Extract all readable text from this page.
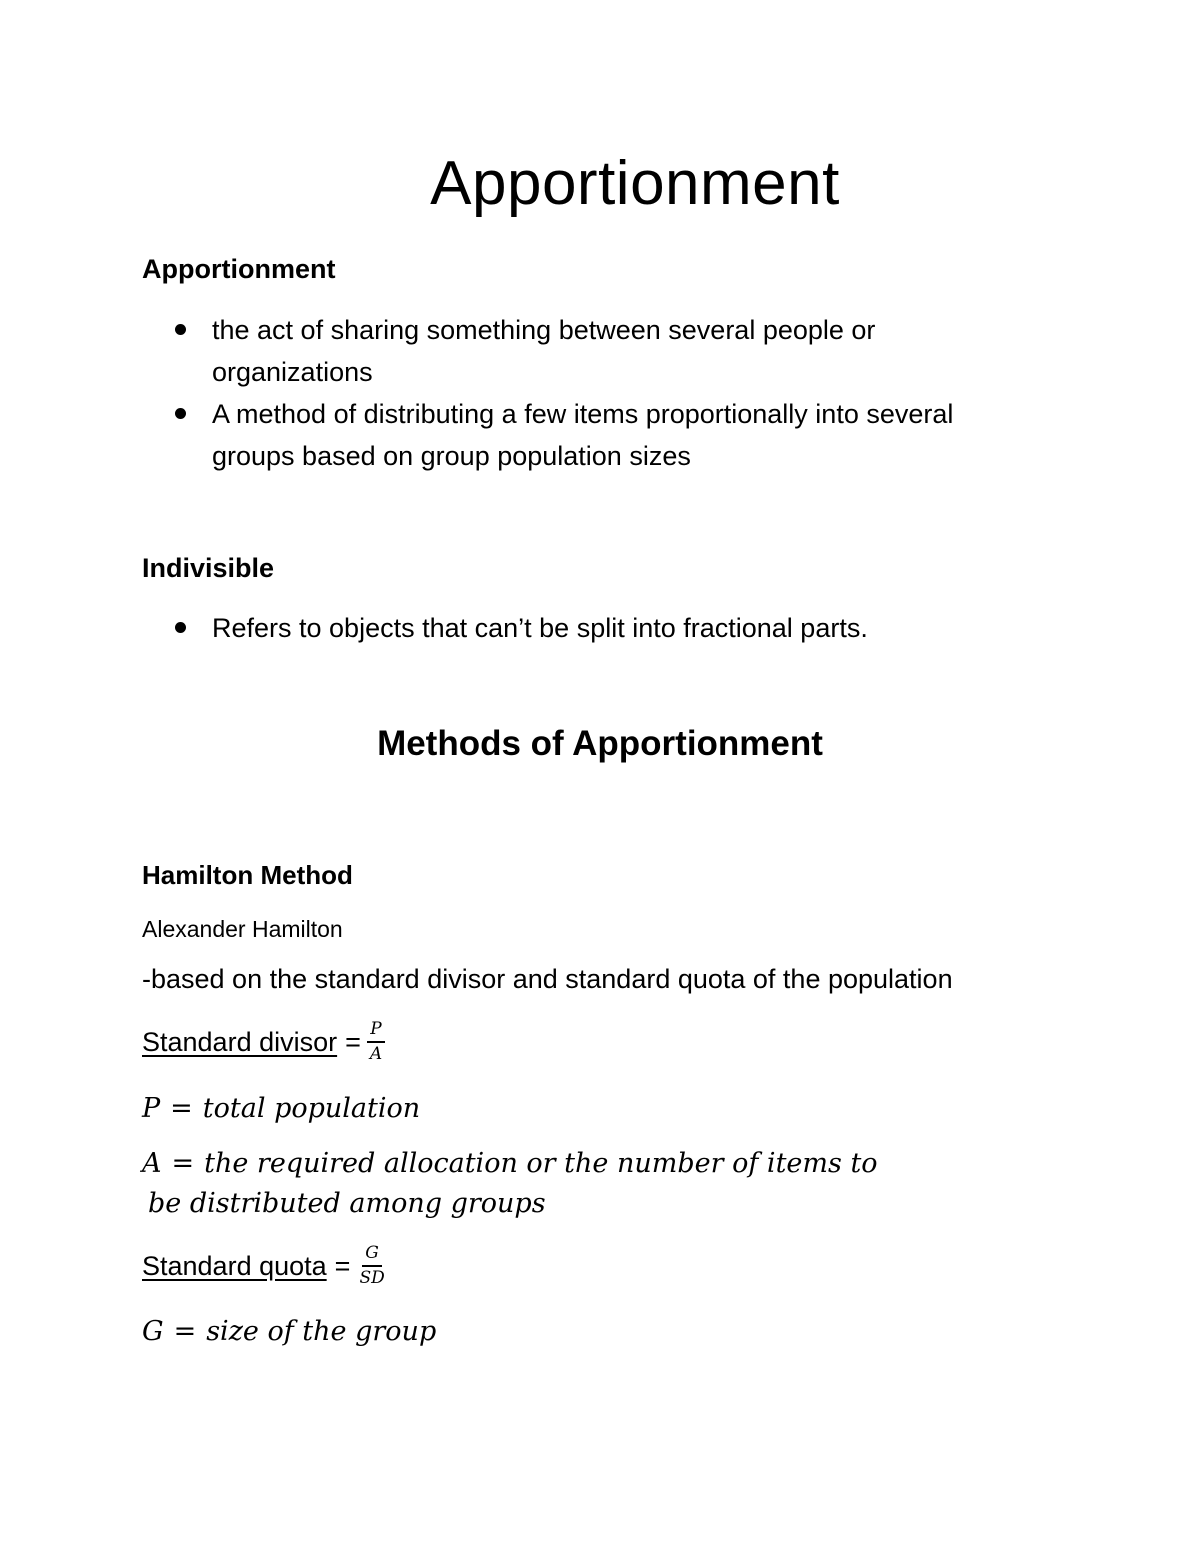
Apportionment
Apportionment
the act of sharing something between several people or organizations
A method of distributing a few items proportionally into several groups based on group population sizes
Indivisible
Refers to objects that can’t be split into fractional parts.
Methods of Apportionment
Hamilton Method

Alexander Hamilton

-based on the standard divisor and standard quota of the population

Standard divisor = $\frac{P}{A}$

P = total population

A = the required allocation or the number of items to

be distributed among groups

Standard quota = $\frac{G}{SD}$

G = size of the group
